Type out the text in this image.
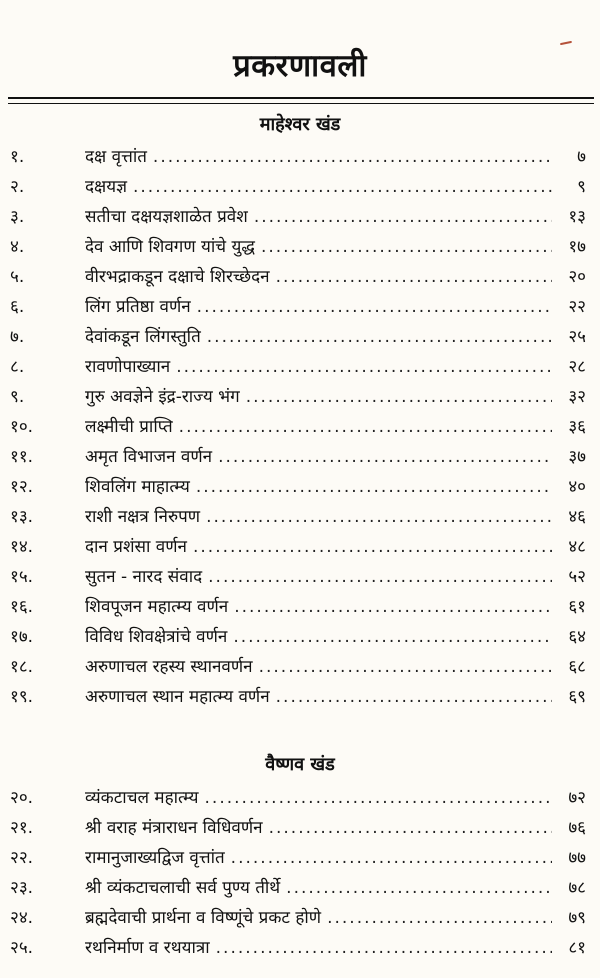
प्रकरणावली
माहेश्वर खंड
१.	दक्ष वृत्तांत .....	७
२.	दक्षयज्ञ .....	९
३.	सतीचा दक्षयज्ञशाळेत प्रवेश .....	१३
४.	देव आणि शिवगण यांचे युद्ध .....	१७
५.	वीरभद्राकडून दक्षाचे शिरच्छेदन .....	२०
६.	लिंग प्रतिष्ठा वर्णन .....	२२
७.	देवांकडून लिंगस्तुति .....	२५
८.	रावणोपाख्यान .....	२८
९.	गुरु अवज्ञेने इंद्र-राज्य भंग .....	३२
१०.	लक्ष्मीची प्राप्ति .....	३६
११.	अमृत विभाजन वर्णन .....	३७
१२.	शिवलिंग माहात्म्य .....	४०
१३.	राशी नक्षत्र निरुपण .....	४६
१४.	दान प्रशंसा वर्णन .....	४८
१५.	सुतन - नारद संवाद .....	५२
१६.	शिवपूजन महात्म्य वर्णन .....	६१
१७.	विविध शिवक्षेत्रांचे वर्णन .....	६४
१८.	अरुणाचल रहस्य स्थानवर्णन .....	६८
१९.	अरुणाचल स्थान महात्म्य वर्णन .....	६९
वैष्णव खंड
२०.	व्यंकटाचल महात्म्य .....	७२
२१.	श्री वराह मंत्राराधन विधिवर्णन .....	७६
२२.	रामानुजाख्यद्विज वृत्तांत .....	७७
२३.	श्री व्यंकटाचलाची सर्व पुण्य तीर्थे .....	७८
२४.	ब्रह्मदेवाची प्रार्थना व विष्णूंचे प्रकट होणे .....	७९
२५.	रथनिर्माण व रथयात्रा .....	८१
